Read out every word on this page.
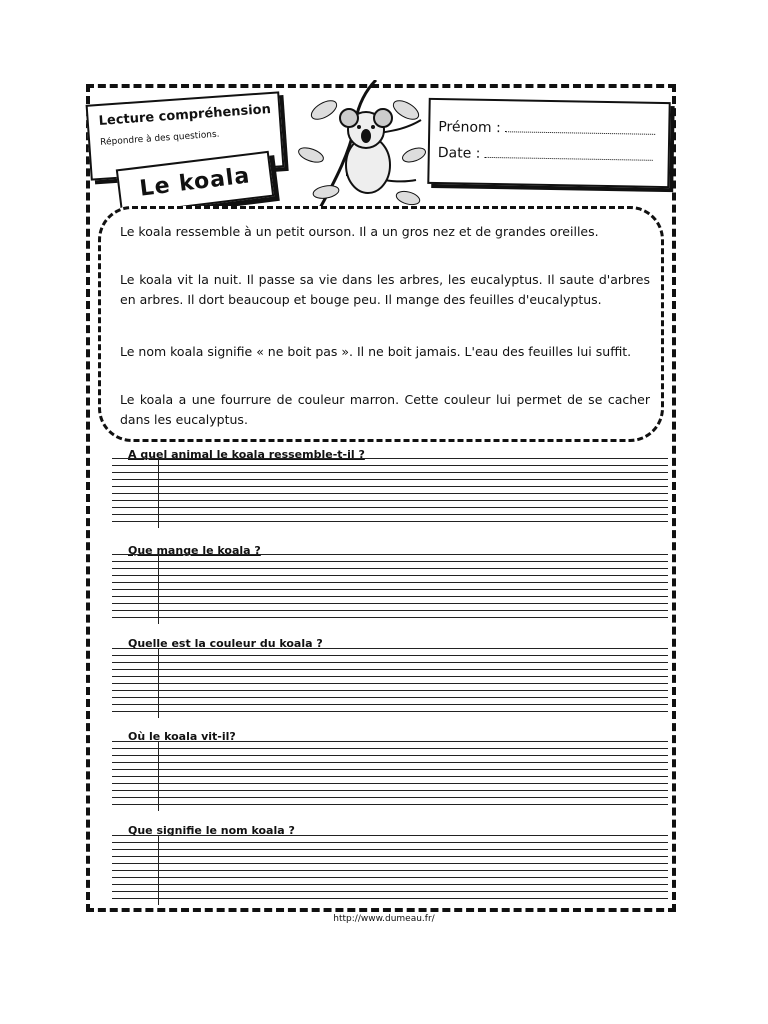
Lecture compréhension
Répondre à des questions.
Le koala
Prénom :
Date :
Le koala ressemble à un petit ourson. Il a un gros nez et de grandes oreilles.
Le koala vit la nuit. Il passe sa vie dans les arbres, les eucalyptus. Il saute d'arbres en arbres. Il dort beaucoup et bouge peu. Il mange des feuilles d'eucalyptus.
Le nom koala signifie « ne boit pas ». Il ne boit jamais. L'eau des feuilles lui suffit.
Le koala a une fourrure de couleur marron. Cette couleur lui permet de se cacher dans les eucalyptus.
A quel animal le koala ressemble-t-il ?
Que mange le koala ?
Quelle est la couleur du koala ?
Où le koala vit-il?
Que signifie le nom koala ?
http://www.dumeau.fr/
